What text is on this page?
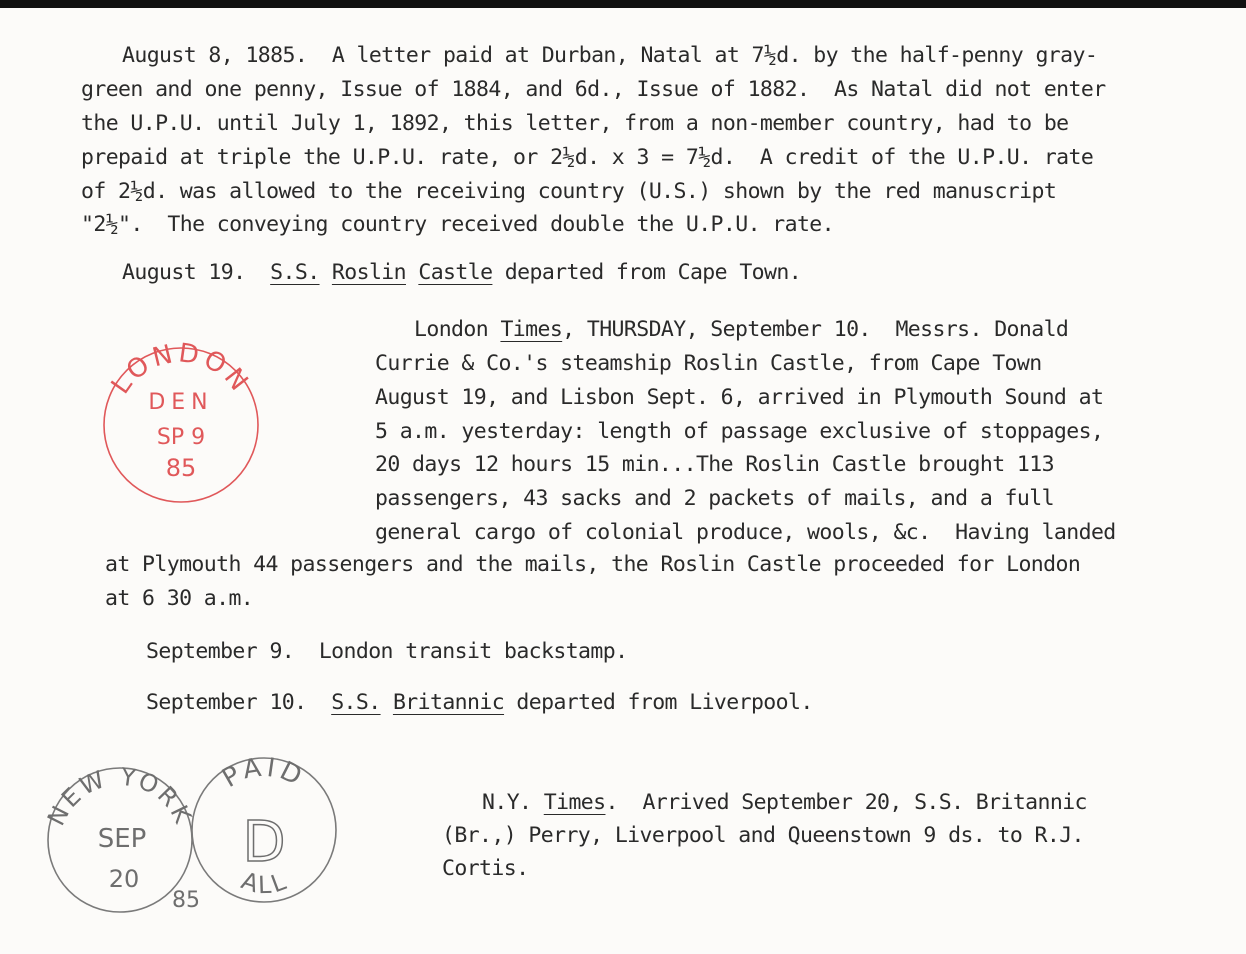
August 8, 1885.  A letter paid at Durban, Natal at 7½d. by the half-penny gray-
green and one penny, Issue of 1884, and 6d., Issue of 1882.  As Natal did not enter
the U.P.U. until July 1, 1892, this letter, from a non-member country, had to be
prepaid at triple the U.P.U. rate, or 2½d. x 3 = 7½d.  A credit of the U.P.U. rate
of 2½d. was allowed to the receiving country (U.S.) shown by the red manuscript
"2½".  The conveying country received double the U.P.U. rate.
August 19. S.S. Roslin Castle departed from Cape Town.
London Times, THURSDAY, September 10.  Messrs. Donald
Currie & Co.'s steamship Roslin Castle, from Cape Town
August 19, and Lisbon Sept. 6, arrived in Plymouth Sound at
5 a.m. yesterday: length of passage exclusive of stoppages,
20 days 12 hours 15 min...The Roslin Castle brought 113
passengers, 43 sacks and 2 packets of mails, and a full
general cargo of colonial produce, wools, &c.  Having landed
at Plymouth 44 passengers and the mails, the Roslin Castle proceeded for London
at 6 30 a.m.
September 9.  London transit backstamp.
September 10. S.S. Britannic departed from Liverpool.
N.Y. Times.  Arrived September 20, S.S. Britannic
(Br.,) Perry, Liverpool and Queenstown 9 ds. to R.J.
Cortis.
LONDON
DEN
SP 9
85
NEW YORK
SEP
20
85
PAID
D
ALL
